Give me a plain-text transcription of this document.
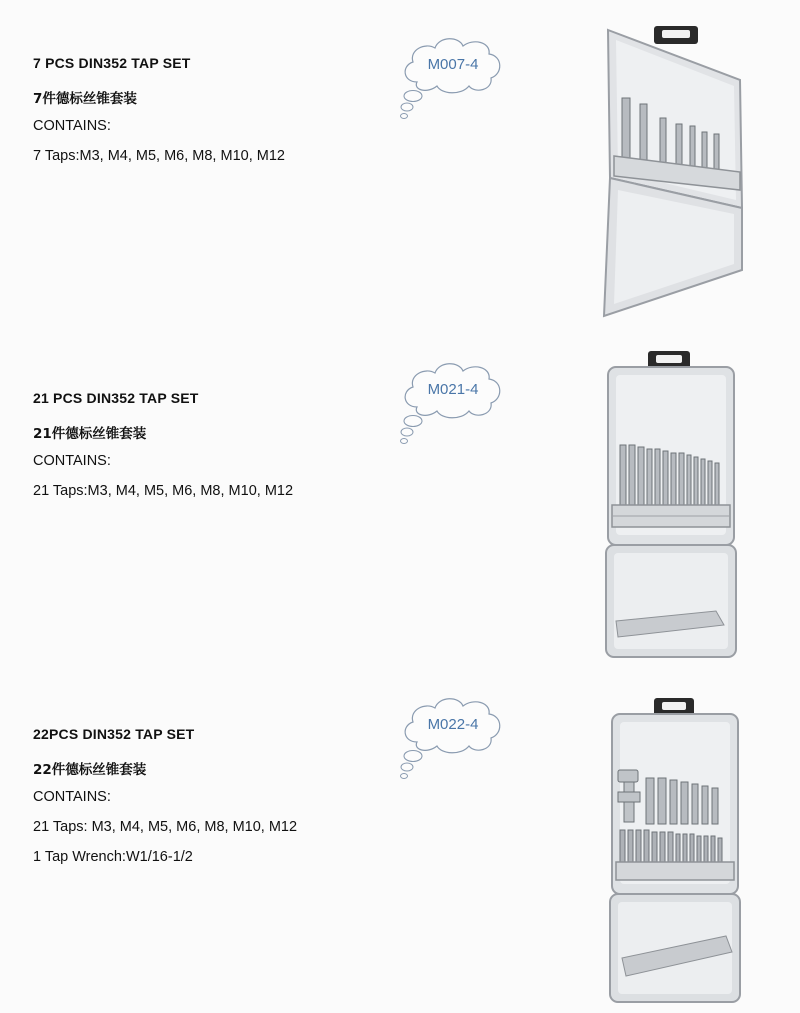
7 PCS DIN352 TAP SET
7件德标丝锥套装
CONTAINS:
7 Taps:M3, M4, M5, M6, M8, M10, M12
M007-4
21 PCS DIN352 TAP SET
21件德标丝锥套装
CONTAINS:
21 Taps:M3, M4, M5, M6, M8, M10, M12
M021-4
22PCS DIN352 TAP SET
22件德标丝锥套装
CONTAINS:
21 Taps: M3, M4, M5, M6, M8, M10, M12
1 Tap Wrench:W1/16-1/2
M022-4
